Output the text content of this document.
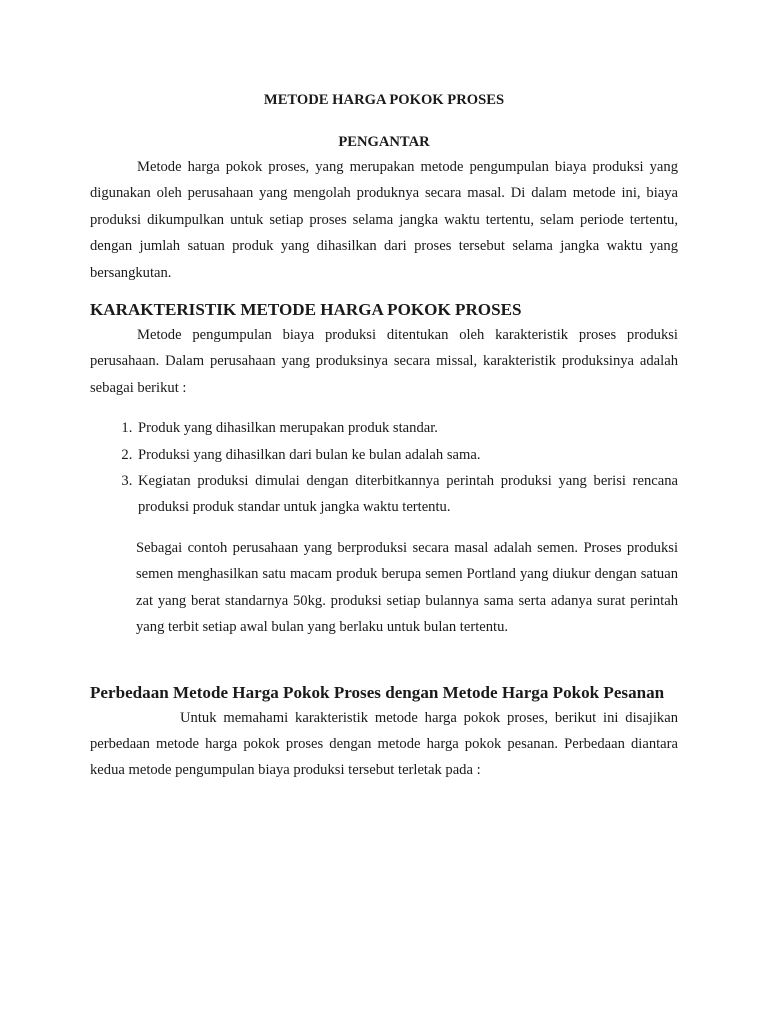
METODE HARGA POKOK PROSES
PENGANTAR

Metode harga pokok proses, yang merupakan metode pengumpulan biaya produksi yang digunakan oleh perusahaan yang mengolah produknya secara masal. Di dalam metode ini, biaya produksi dikumpulkan untuk setiap proses selama jangka waktu tertentu, selam periode tertentu, dengan jumlah satuan produk yang dihasilkan dari proses tersebut selama jangka waktu yang bersangkutan.

KARAKTERISTIK METODE HARGA POKOK PROSES

Metode pengumpulan biaya produksi ditentukan oleh karakteristik proses produksi perusahaan. Dalam perusahaan yang produksinya secara missal, karakteristik produksinya adalah sebagai berikut :

1. Produk yang dihasilkan merupakan produk standar.
2. Produksi yang dihasilkan dari bulan ke bulan adalah sama.
3. Kegiatan produksi dimulai dengan diterbitkannya perintah produksi yang berisi rencana produksi produk standar untuk jangka waktu tertentu.

Sebagai contoh perusahaan yang berproduksi secara masal adalah semen. Proses produksi semen menghasilkan satu macam produk berupa semen Portland yang diukur dengan satuan zat yang berat standarnya 50kg. produksi setiap bulannya sama serta adanya surat perintah yang terbit setiap awal bulan yang berlaku untuk bulan tertentu.

Perbedaan Metode Harga Pokok Proses dengan Metode Harga Pokok Pesanan

Untuk memahami karakteristik metode harga pokok proses, berikut ini disajikan perbedaan metode harga pokok proses dengan metode harga pokok pesanan. Perbedaan diantara kedua metode pengumpulan biaya produksi tersebut terletak pada :
